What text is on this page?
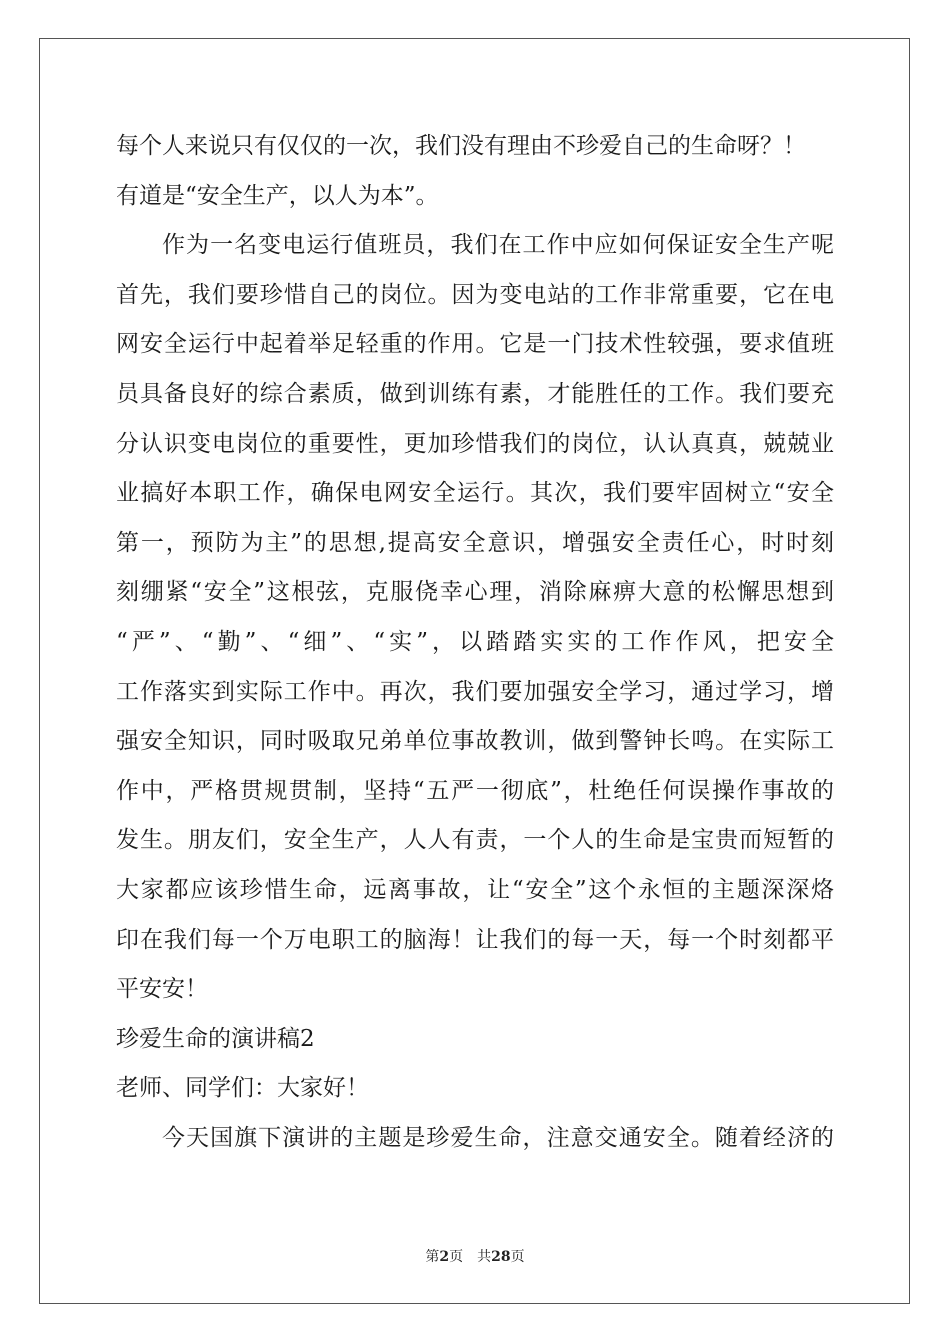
每个人来说只有仅仅的一次，我们没有理由不珍爱自己的生命呀？！
有道是“安全生产，以人为本”。
作为一名变电运行值班员，我们在工作中应如何保证安全生产呢
首先，我们要珍惜自己的岗位。因为变电站的工作非常重要，它在电
网安全运行中起着举足轻重的作用。它是一门技术性较强，要求值班
员具备良好的综合素质，做到训练有素，才能胜任的工作。我们要充
分认识变电岗位的重要性，更加珍惜我们的岗位，认认真真，兢兢业
业搞好本职工作，确保电网安全运行。其次，我们要牢固树立“安全
第一，预防为主”的思想,提高安全意识，增强安全责任心，时时刻
刻绷紧“安全”这根弦，克服侥幸心理，消除麻痹大意的松懈思想到
“严”、“勤”、“细”、“实”，以踏踏实实的工作作风，把安全
工作落实到实际工作中。再次，我们要加强安全学习，通过学习，增
强安全知识，同时吸取兄弟单位事故教训，做到警钟长鸣。在实际工
作中，严格贯规贯制，坚持“五严一彻底”，杜绝任何误操作事故的
发生。朋友们，安全生产，人人有责，一个人的生命是宝贵而短暂的
大家都应该珍惜生命，远离事故，让“安全”这个永恒的主题深深烙
印在我们每一个万电职工的脑海！让我们的每一天，每一个时刻都平
平安安！
珍爱生命的演讲稿2
老师、同学们：大家好！
今天国旗下演讲的主题是珍爱生命，注意交通安全。随着经济的
第2页 共28页
